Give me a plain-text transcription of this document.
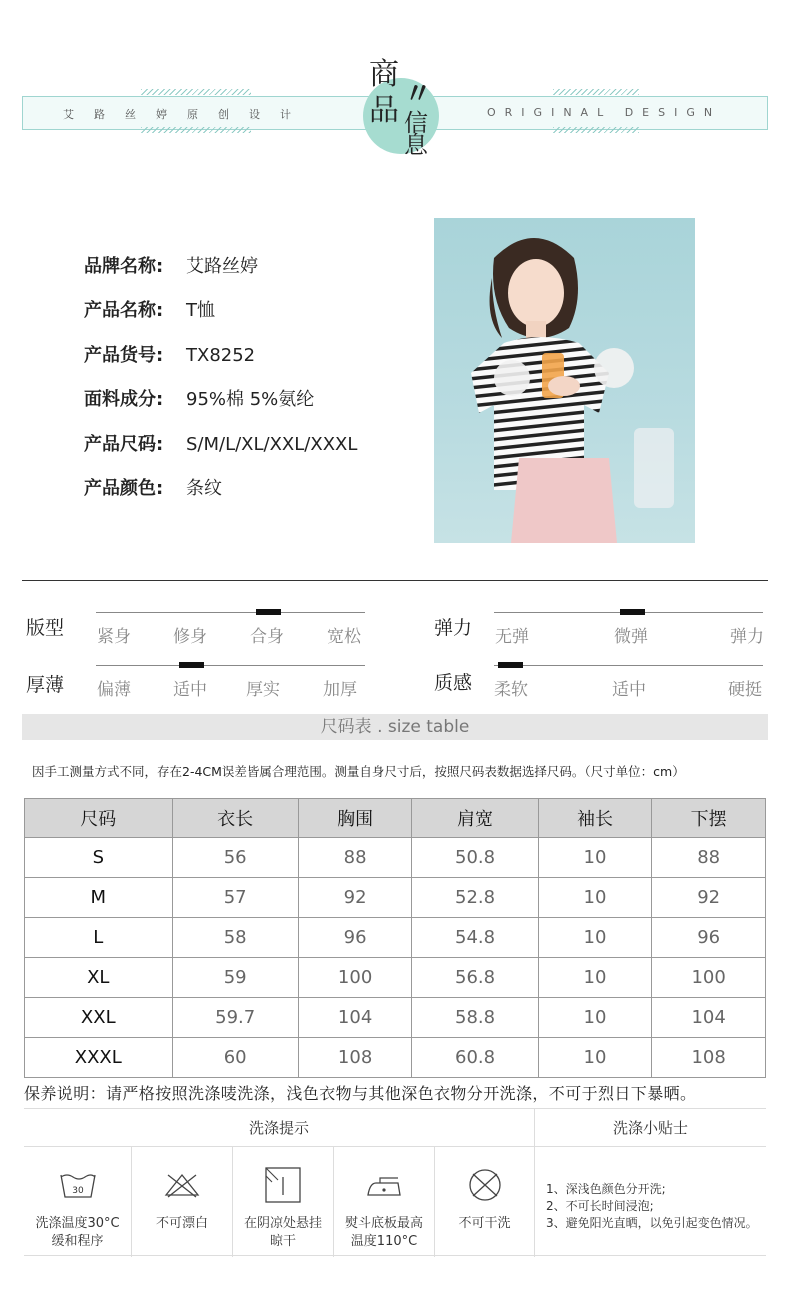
艾路丝婷原创设计	ORIGINAL DESIGN
商
品 〃
信
息
品牌名称: 艾路丝婷
产品名称: T恤
产品货号: TX8252
面料成分: 95%棉 5%氨纶
产品尺码: S/M/L/XL/XXL/XXXL
产品颜色: 条纹
版型 紧身 修身	合身	宽松	弹力 无弹	微弹	弹力
厚薄 偏薄 适中 厚实	加厚	质感 柔软	适中	硬挺
尺码表 . size table
因手工测量方式不同，存在2-4CM误差皆属合理范围。测量自身尺寸后，按照尺码表数据选择尺码。（尺寸单位：cm）
尺码	衣长	胸围	肩宽	袖长	下摆
S	56	88	50.8	10	88
M	57	92	52.8	10	92
L	58	96	54.8	10	96
XL	59	100	56.8	10	100
XXL	59.7	104	58.8	10	104
XXXL	60	108	60.8	10	108
保养说明：请严格按照洗涤唛洗涤，浅色衣物与其他深色衣物分开洗涤，不可于烈日下暴晒。
洗涤提示	洗涤小贴士
30
洗涤温度30°C
缓和程序
不可漂白	在阴凉处悬挂
晾干
熨斗底板最高
温度110°C
不可干洗
1、深浅色颜色分开洗;
2、不可长时间浸泡;
3、避免阳光直晒，以免引起变色情况。
